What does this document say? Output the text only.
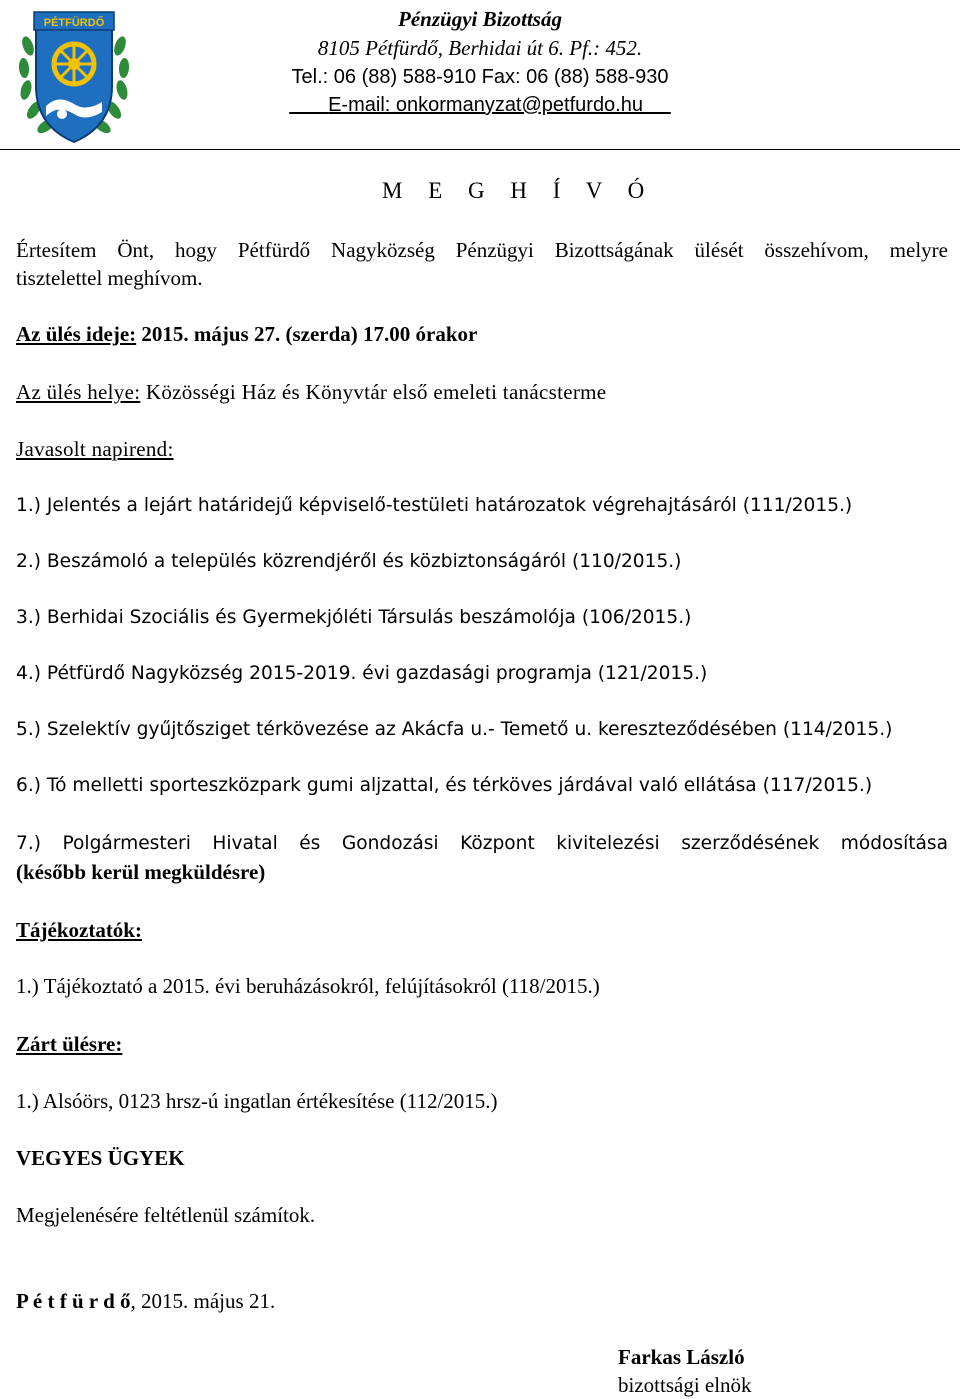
PÉTFÜRDŐ	Pénzügyi Bizottság
8105 Pétfürdő, Berhidai út 6. Pf.: 452.
Tel.: 06 (88) 588-910 Fax: 06 (88) 588-930
E-mail: onkormanyzat@petfurdo.hu
M E G H Í V Ó
Értesítem Önt, hogy Pétfürdő Nagyközség Pénzügyi Bizottságának ülését összehívom, melyre
tisztelettel meghívom.
Az ülés ideje: 2015. május 27. (szerda) 17.00 órakor
Az ülés helye: Közösségi Ház és Könyvtár első emeleti tanácsterme
Javasolt napirend:
1.) Jelentés a lejárt határidejű képviselő-testületi határozatok végrehajtásáról (111/2015.)
2.) Beszámoló a település közrendjéről és közbiztonságáról (110/2015.)
3.) Berhidai Szociális és Gyermekjóléti Társulás beszámolója (106/2015.)
4.) Pétfürdő Nagyközség 2015-2019. évi gazdasági programja (121/2015.)
5.) Szelektív gyűjtősziget térkövezése az Akácfa u.- Temető u. kereszteződésében (114/2015.)
6.) Tó melletti sporteszközpark gumi aljzattal, és térköves járdával való ellátása (117/2015.)
7.) Polgármesteri Hivatal és Gondozási Központ kivitelezési szerződésének módosítása
(később kerül megküldésre)
Tájékoztatók:
1.) Tájékoztató a 2015. évi beruházásokról, felújításokról (118/2015.)
Zárt ülésre:
1.) Alsóörs, 0123 hrsz-ú ingatlan értékesítése (112/2015.)
VEGYES ÜGYEK
Megjelenésére feltétlenül számítok.
P é t f ü r d ő, 2015. május 21.
Farkas László
bizottsági elnök
